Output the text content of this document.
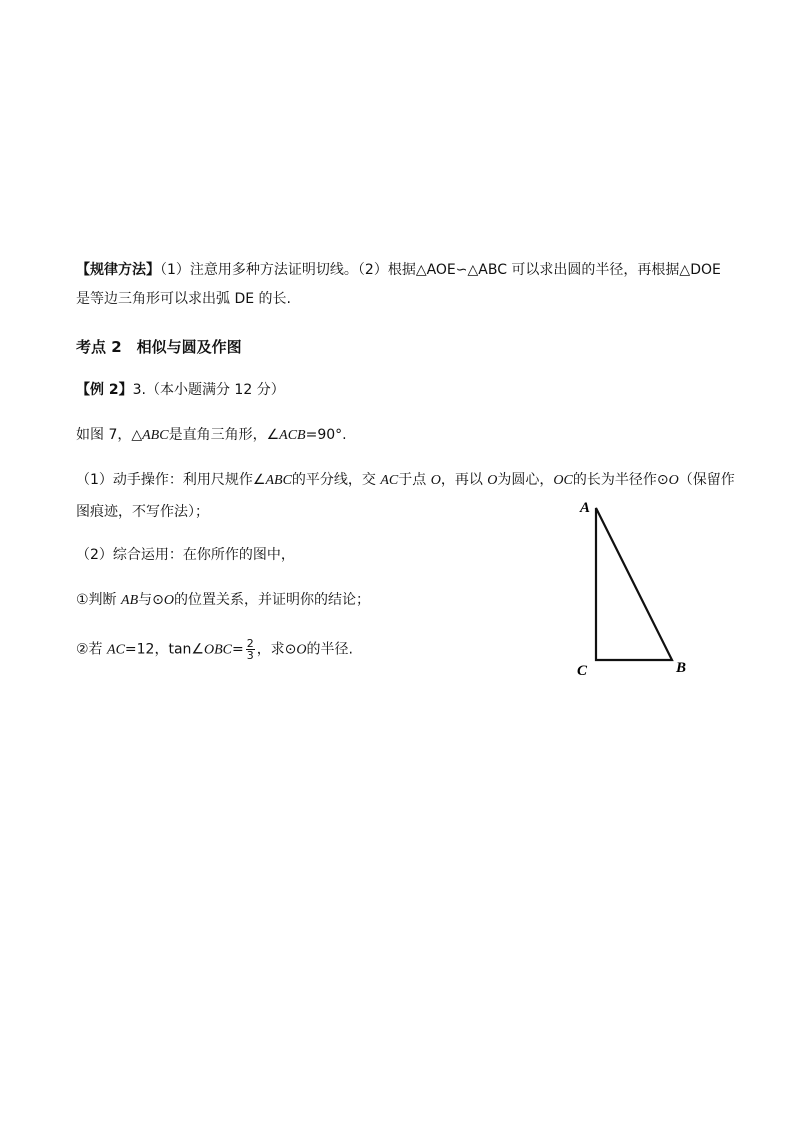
【规律方法】（1）注意用多种方法证明切线。（2）根据△AOE∽△ABC 可以求出圆的半径，再根据△DOE
是等边三角形可以求出弧 DE 的长.
考点 2　相似与圆及作图
【例 2】3.（本小题满分 12 分）
如图 7，△ABC是直角三角形，∠ACB=90°.
（1）动手操作：利用尺规作∠ABC的平分线，交 AC于点 O，再以 O为圆心，OC的长为半径作⊙O（保留作
图痕迹，不写作法）；
（2）综合运用：在你所作的图中，
①判断 AB与⊙O的位置关系，并证明你的结论；
②若 AC=12，tan∠OBC= $\frac{2}{3}$ ，求⊙O的半径.
A
B
C
